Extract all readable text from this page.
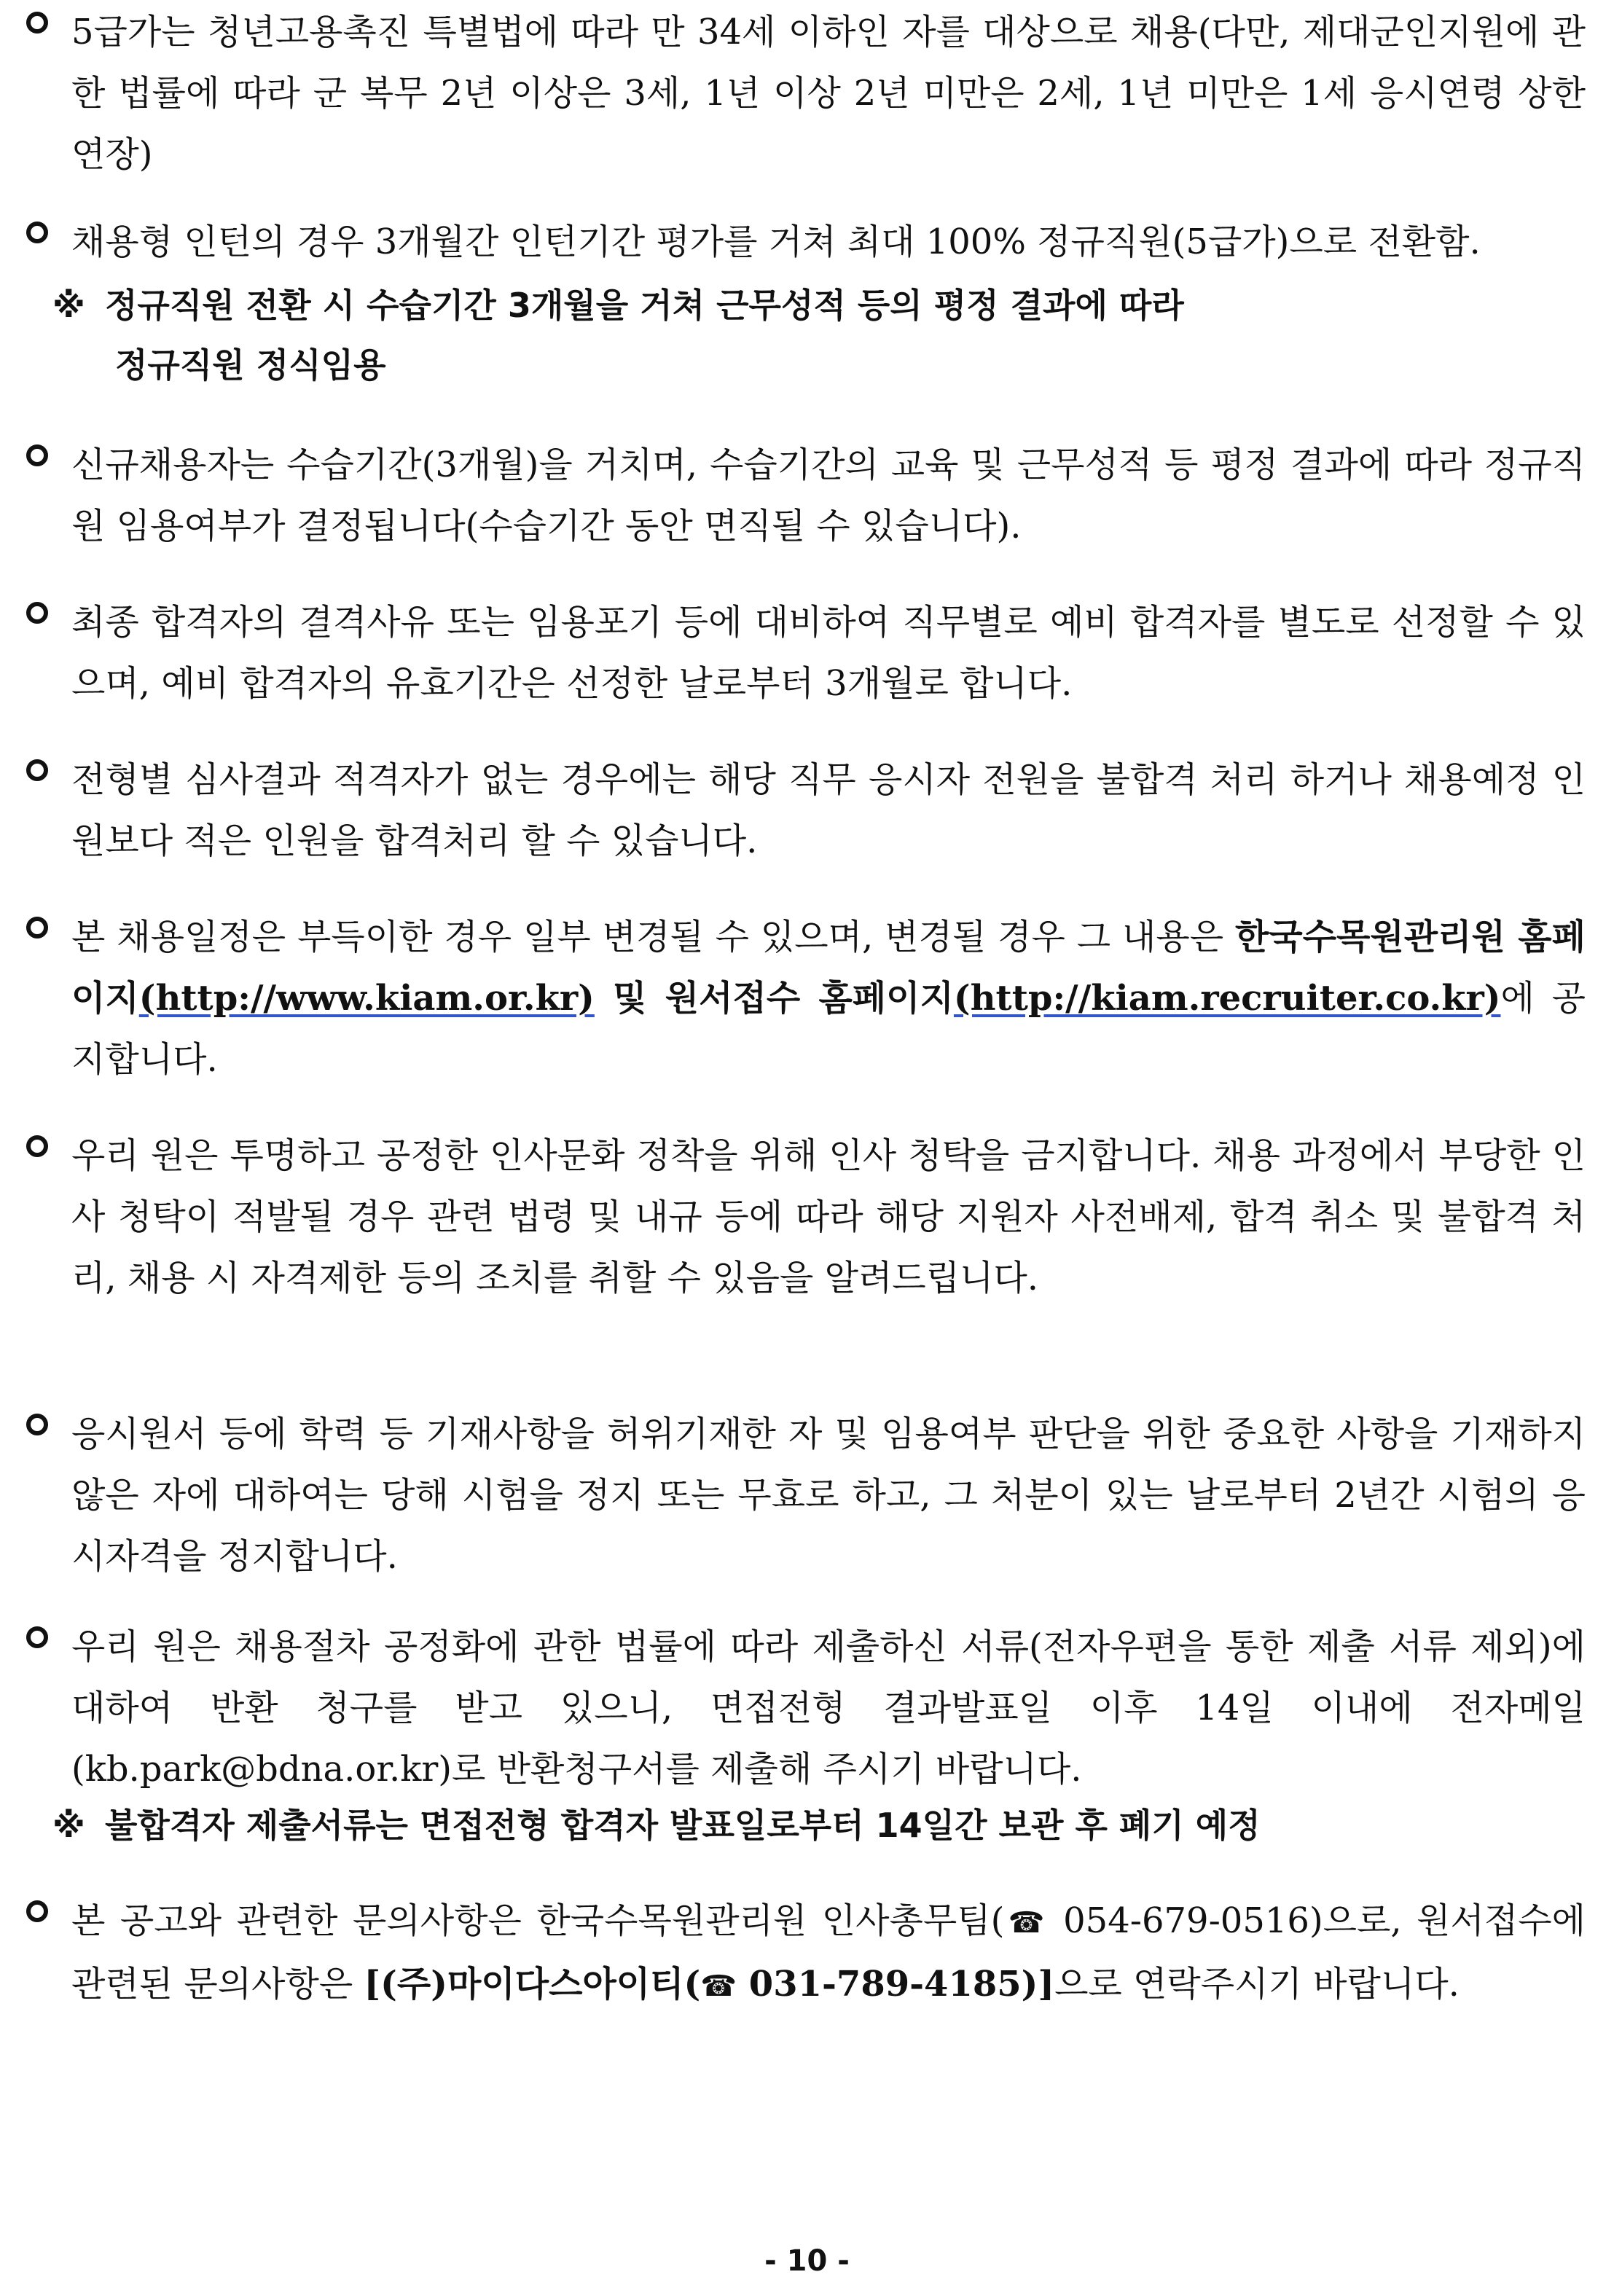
5급가는 청년고용촉진 특별법에 따라 만 34세 이하인 자를 대상으로 채용(다만, 제대군인지원에 관한 법률에 따라 군 복무 2년 이상은 3세, 1년 이상 2년 미만은 2세, 1년 미만은 1세 응시연령 상한 연장)
채용형 인턴의 경우 3개월간 인턴기간 평가를 거쳐 최대 100% 정규직원(5급가)으로 전환함.
※ 정규직원 전환 시 수습기간 3개월을 거쳐 근무성적 등의 평정 결과에 따라
정규직원 정식임용
신규채용자는 수습기간(3개월)을 거치며, 수습기간의 교육 및 근무성적 등 평정 결과에 따라 정규직원 임용여부가 결정됩니다(수습기간 동안 면직될 수 있습니다).
최종 합격자의 결격사유 또는 임용포기 등에 대비하여 직무별로 예비 합격자를 별도로 선정할 수 있으며, 예비 합격자의 유효기간은 선정한 날로부터 3개월로 합니다.
전형별 심사결과 적격자가 없는 경우에는 해당 직무 응시자 전원을 불합격 처리 하거나 채용예정 인원보다 적은 인원을 합격처리 할 수 있습니다.
본 채용일정은 부득이한 경우 일부 변경될 수 있으며, 변경될 경우 그 내용은 한국수목원관리원 홈페이지(http://www.kiam.or.kr) 및 원서접수 홈페이지(http://kiam.recruiter.co.kr)에 공지합니다.
우리 원은 투명하고 공정한 인사문화 정착을 위해 인사 청탁을 금지합니다. 채용 과정에서 부당한 인사 청탁이 적발될 경우 관련 법령 및 내규 등에 따라 해당 지원자 사전배제, 합격 취소 및 불합격 처리, 채용 시 자격제한 등의 조치를 취할 수 있음을 알려드립니다.
응시원서 등에 학력 등 기재사항을 허위기재한 자 및 임용여부 판단을 위한 중요한 사항을 기재하지 않은 자에 대하여는 당해 시험을 정지 또는 무효로 하고, 그 처분이 있는 날로부터 2년간 시험의 응시자격을 정지합니다.
우리 원은 채용절차 공정화에 관한 법률에 따라 제출하신 서류(전자우편을 통한 제출 서류 제외)에 대하여 반환 청구를 받고 있으니, 면접전형 결과발표일 이후 14일 이내에 전자메일(kb.park@bdna.or.kr)로 반환청구서를 제출해 주시기 바랍니다.
※ 불합격자 제출서류는 면접전형 합격자 발표일로부터 14일간 보관 후 폐기 예정
본 공고와 관련한 문의사항은 한국수목원관리원 인사총무팀(☎ 054-679-0516)으로, 원서접수에 관련된 문의사항은 [(주)마이다스아이티(☎ 031-789-4185)]으로 연락주시기 바랍니다.
- 10 -
